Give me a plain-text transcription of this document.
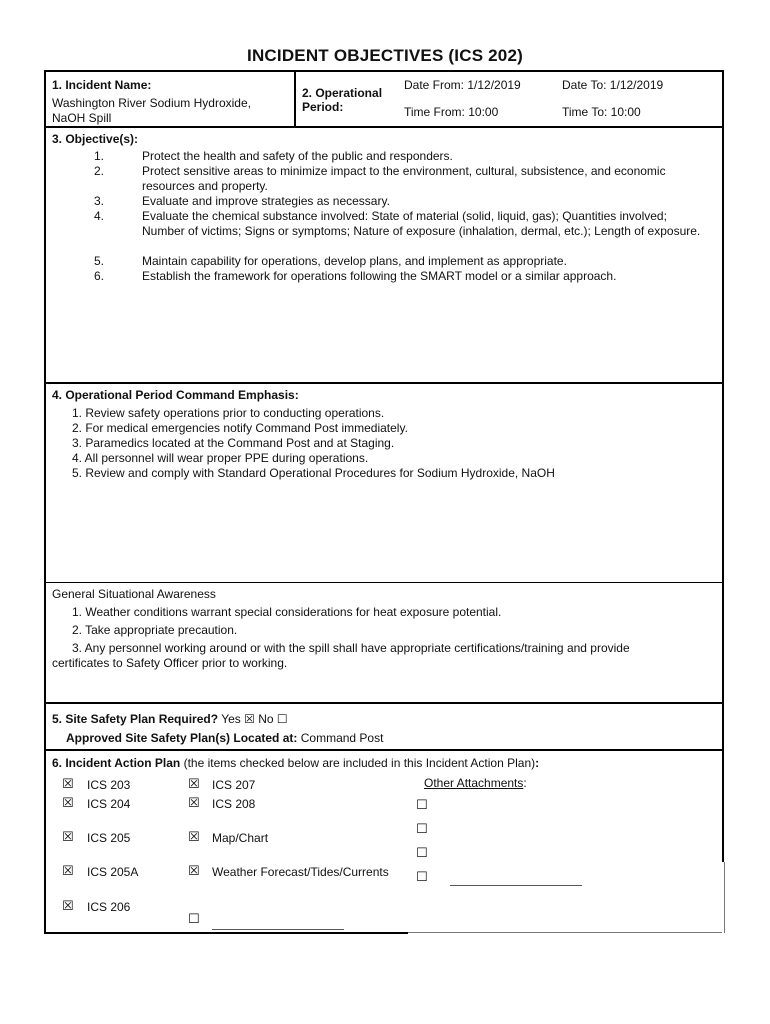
INCIDENT OBJECTIVES (ICS 202)
1. Incident Name:
Washington River Sodium Hydroxide, NaOH Spill
2. Operational
Period:
Date From: 1/12/2019	Date To: 1/12/2019
Time From: 10:00	Time To: 10:00
3. Objective(s):
1.	Protect the health and safety of the public and responders.
2.	Protect sensitive areas to minimize impact to the environment, cultural, subsistence, and economic resources and property.
3.	Evaluate and improve strategies as necessary.
4.	Evaluate the chemical substance involved: State of material (solid, liquid, gas); Quantities involved; Number of victims; Signs or symptoms; Nature of exposure (inhalation, dermal, etc.); Length of exposure.
5.	Maintain capability for operations, develop plans, and implement as appropriate.
6.	Establish the framework for operations following the SMART model or a similar approach.
4. Operational Period Command Emphasis:
1. Review safety operations prior to conducting operations.
2. For medical emergencies notify Command Post immediately.
3. Paramedics located at the Command Post and at Staging.
4. All personnel will wear proper PPE during operations.
5. Review and comply with Standard Operational Procedures for Sodium Hydroxide, NaOH
General Situational Awareness
1. Weather conditions warrant special considerations for heat exposure potential.
2. Take appropriate precaution.
3. Any personnel working around or with the spill shall have appropriate certifications/training and provide
certificates to Safety Officer prior to working.
5. Site Safety Plan Required? Yes ☒ No ☐
Approved Site Safety Plan(s) Located at: Command Post
6. Incident Action Plan (the items checked below are included in this Incident Action Plan):
Other Attachments:
☒ ICS 203
☒ ICS 204
☒ ICS 205
☒ ICS 205A
☒ ICS 206
☒ ICS 207
☒ ICS 208
☒ Map/Chart
☒ Weather Forecast/Tides/Currents
☐
☐
☐
☐
☐
